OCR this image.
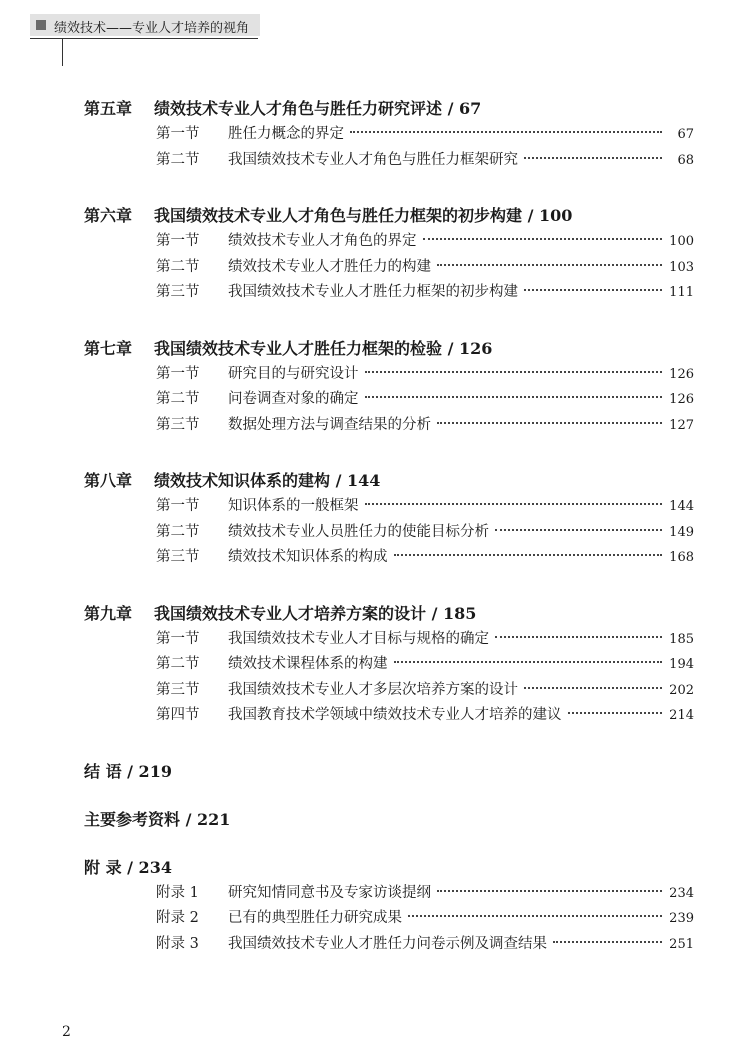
绩效技术——专业人才培养的视角
第五章 绩效技术专业人才角色与胜任力研究评述 / 67
第一节	胜任力概念的界定	67
第二节	我国绩效技术专业人才角色与胜任力框架研究	68
第六章 我国绩效技术专业人才角色与胜任力框架的初步构建 / 100
第一节	绩效技术专业人才角色的界定	100
第二节	绩效技术专业人才胜任力的构建	103
第三节	我国绩效技术专业人才胜任力框架的初步构建	111
第七章 我国绩效技术专业人才胜任力框架的检验 / 126
第一节	研究目的与研究设计	126
第二节	问卷调查对象的确定	126
第三节	数据处理方法与调查结果的分析	127
第八章 绩效技术知识体系的建构 / 144
第一节	知识体系的一般框架	144
第二节	绩效技术专业人员胜任力的使能目标分析	149
第三节	绩效技术知识体系的构成	168
第九章 我国绩效技术专业人才培养方案的设计 / 185
第一节	我国绩效技术专业人才目标与规格的确定	185
第二节	绩效技术课程体系的构建	194
第三节	我国绩效技术专业人才多层次培养方案的设计	202
第四节	我国教育技术学领域中绩效技术专业人才培养的建议	214
结 语 / 219
主要参考资料 / 221
附 录 / 234
附录 1	研究知情同意书及专家访谈提纲	234
附录 2	已有的典型胜任力研究成果	239
附录 3	我国绩效技术专业人才胜任力问卷示例及调查结果	251
2
